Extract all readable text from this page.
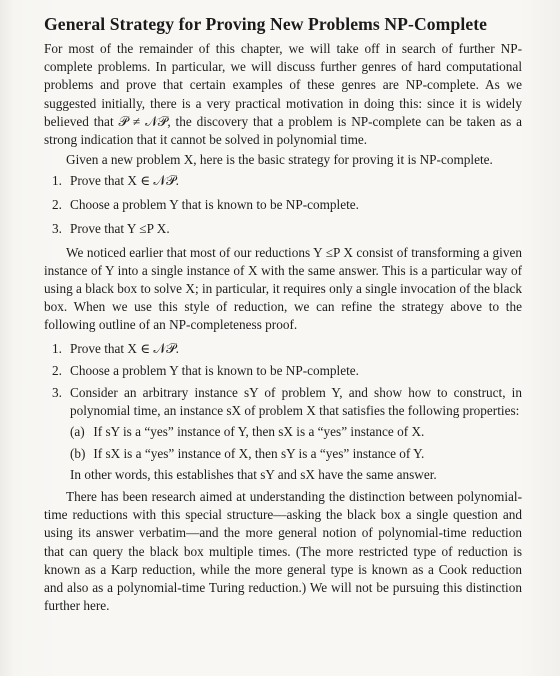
General Strategy for Proving New Problems NP-Complete

For most of the remainder of this chapter, we will take off in search of further NP-complete problems. In particular, we will discuss further genres of hard computational problems and prove that certain examples of these genres are NP-complete. As we suggested initially, there is a very practical motivation in doing this: since it is widely believed that 𝒫 ≠ 𝒩𝒫, the discovery that a problem is NP-complete can be taken as a strong indication that it cannot be solved in polynomial time.

Given a new problem X, here is the basic strategy for proving it is NP-complete.

1. Prove that X ∈ 𝒩𝒫.
2. Choose a problem Y that is known to be NP-complete.
3. Prove that Y ≤P X.

We noticed earlier that most of our reductions Y ≤P X consist of transforming a given instance of Y into a single instance of X with the same answer. This is a particular way of using a black box to solve X; in particular, it requires only a single invocation of the black box. When we use this style of reduction, we can refine the strategy above to the following outline of an NP-completeness proof.

1. Prove that X ∈ 𝒩𝒫.
2. Choose a problem Y that is known to be NP-complete.
3. Consider an arbitrary instance sY of problem Y, and show how to construct, in polynomial time, an instance sX of problem X that satisfies the following properties:
(a) If sY is a “yes” instance of Y, then sX is a “yes” instance of X.
(b) If sX is a “yes” instance of X, then sY is a “yes” instance of Y.
In other words, this establishes that sY and sX have the same answer.

There has been research aimed at understanding the distinction between polynomial-time reductions with this special structure—asking the black box a single question and using its answer verbatim—and the more general notion of polynomial-time reduction that can query the black box multiple times. (The more restricted type of reduction is known as a Karp reduction, while the more general type is known as a Cook reduction and also as a polynomial-time Turing reduction.) We will not be pursuing this distinction further here.
